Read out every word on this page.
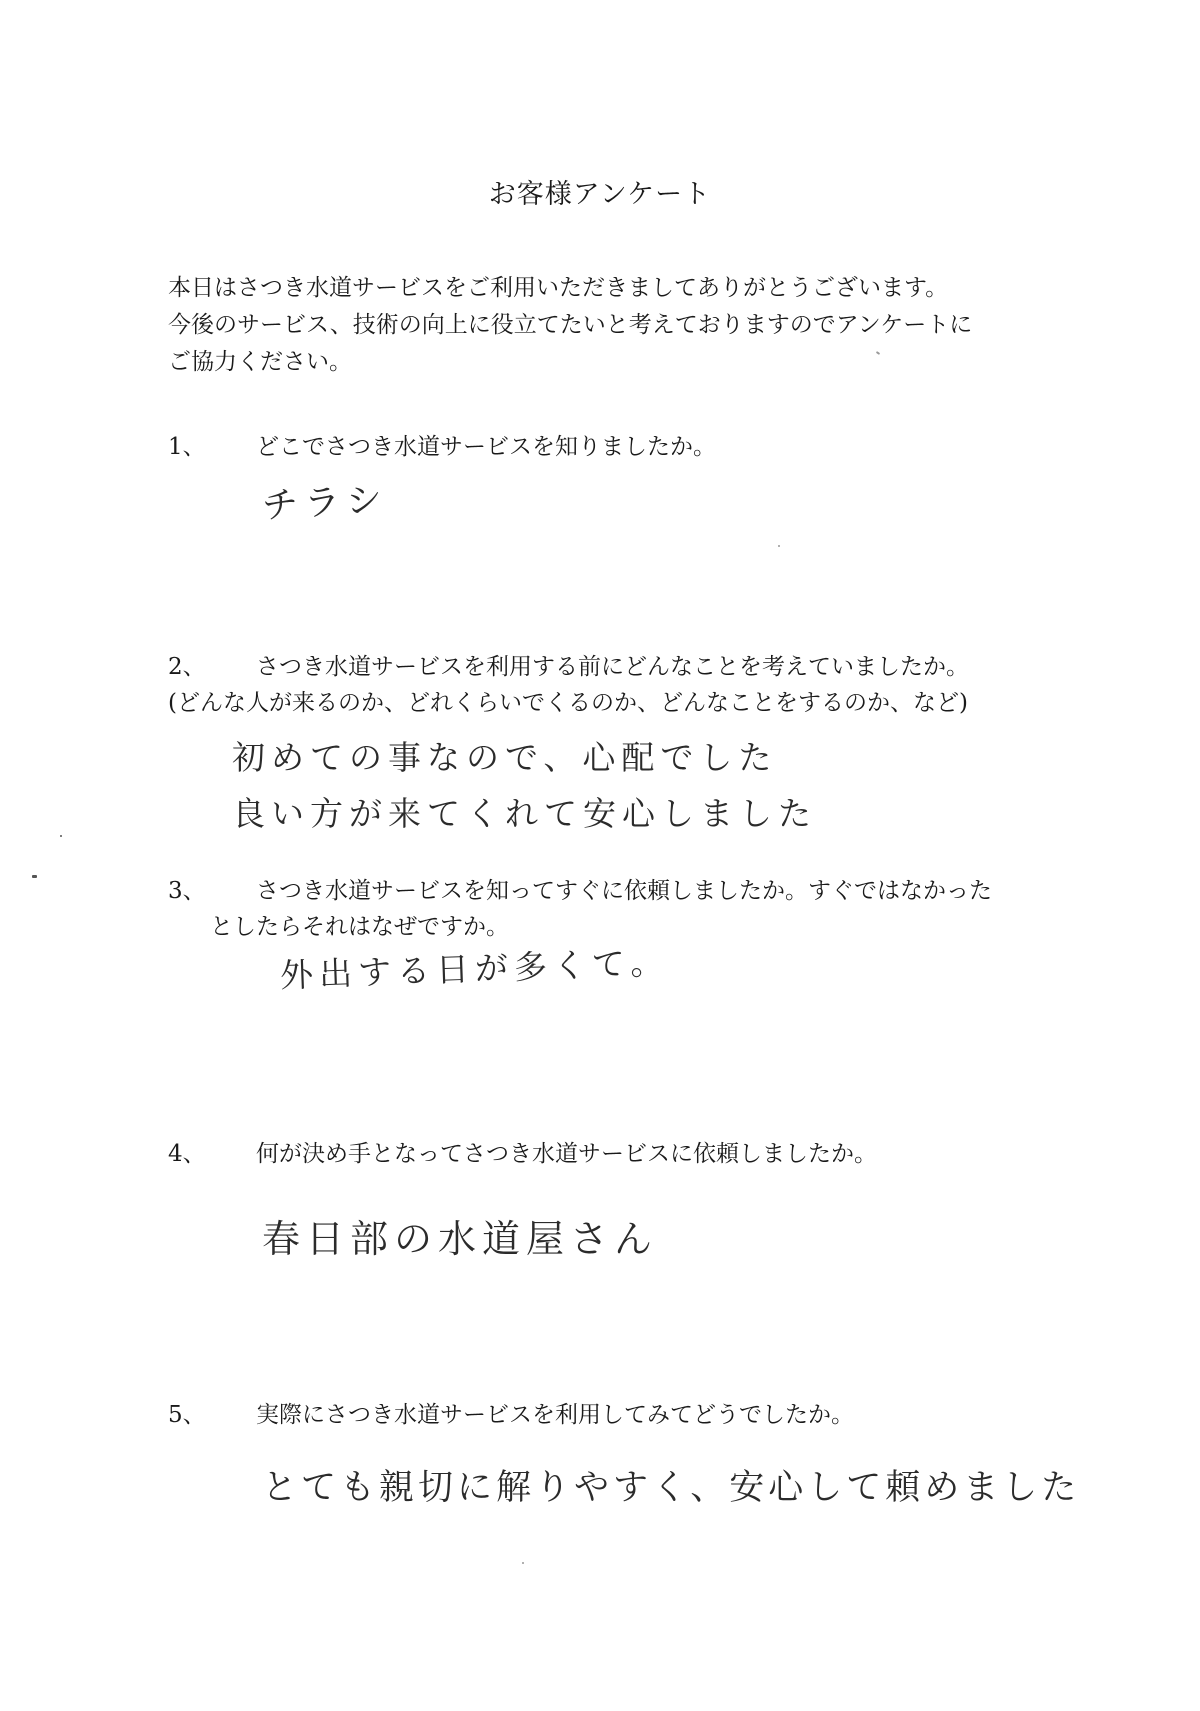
お客様アンケート
本日はさつき水道サービスをご利用いただきましてありがとうございます。
今後のサービス、技術の向上に役立てたいと考えておりますのでアンケートに
ご協力ください。
1、 どこでさつき水道サービスを知りましたか。
チラシ
2、 さつき水道サービスを利用する前にどんなことを考えていましたか。
(どんな人が来るのか、どれくらいでくるのか、どんなことをするのか、など)
初めての事なので、心配でした
良い方が来てくれて安心しました
3、 さつき水道サービスを知ってすぐに依頼しましたか。すぐではなかった
としたらそれはなぜですか。
外出する日が多くて。
4、 何が決め手となってさつき水道サービスに依頼しましたか。
春日部の水道屋さん
5、 実際にさつき水道サービスを利用してみてどうでしたか。
とても親切に解りやすく、安心して頼めました
